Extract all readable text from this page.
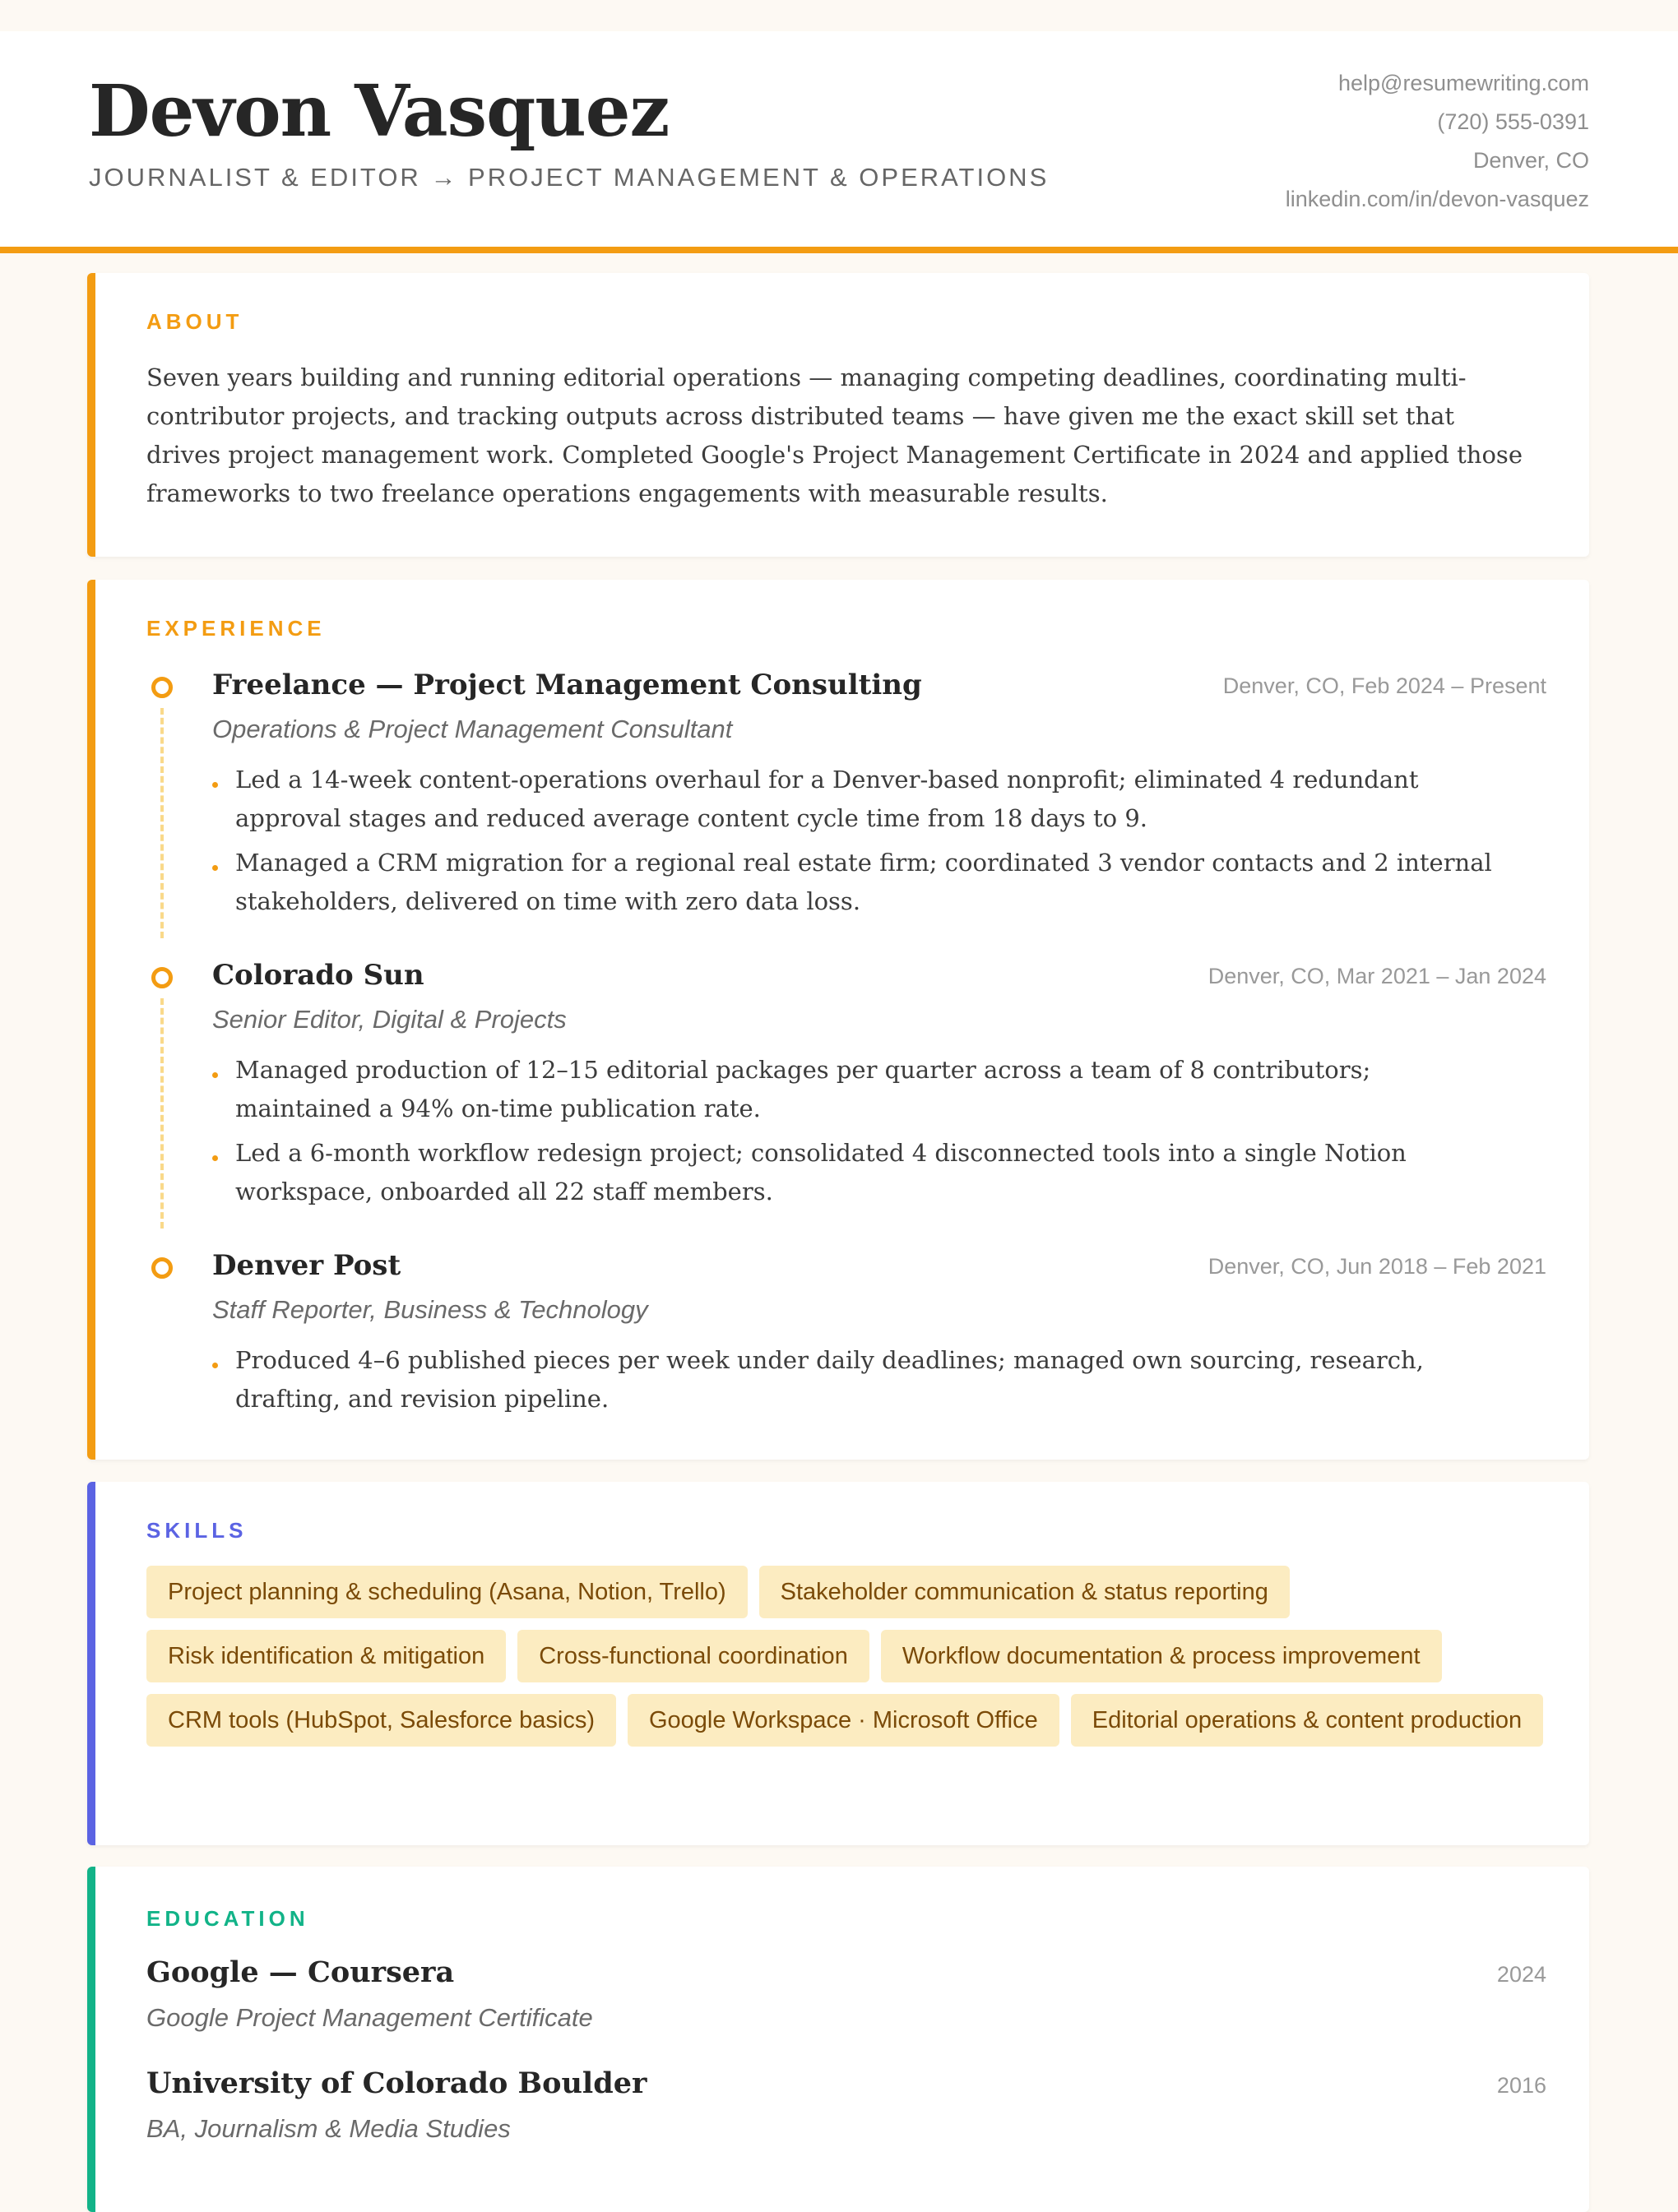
Devon Vasquez
JOURNALIST & EDITOR → PROJECT MANAGEMENT & OPERATIONS
help@resumewriting.com
(720) 555-0391
Denver, CO
linkedin.com/in/devon-vasquez
ABOUT

Seven years building and running editorial operations — managing competing deadlines, coordinating multi-contributor projects, and tracking outputs across distributed teams — have given me the exact skill set that drives project management work. Completed Google's Project Management Certificate in 2024 and applied those frameworks to two freelance operations engagements with measurable results.

EXPERIENCE
Freelance — Project Management Consulting	Denver, CO, Feb 2024 – Present
Operations & Project Management Consultant
Led a 14-week content-operations overhaul for a Denver-based nonprofit; eliminated 4 redundant approval stages and reduced average content cycle time from 18 days to 9.
Managed a CRM migration for a regional real estate firm; coordinated 3 vendor contacts and 2 internal stakeholders, delivered on time with zero data loss.
Colorado Sun	Denver, CO, Mar 2021 – Jan 2024
Senior Editor, Digital & Projects
Managed production of 12–15 editorial packages per quarter across a team of 8 contributors; maintained a 94% on-time publication rate.
Led a 6-month workflow redesign project; consolidated 4 disconnected tools into a single Notion workspace, onboarded all 22 staff members.
Denver Post	Denver, CO, Jun 2018 – Feb 2021
Staff Reporter, Business & Technology
Produced 4–6 published pieces per week under daily deadlines; managed own sourcing, research, drafting, and revision pipeline.
SKILLS
Project planning & scheduling (Asana, Notion, Trello)	Stakeholder communication & status reporting
Risk identification & mitigation	Cross-functional coordination	Workflow documentation & process improvement
CRM tools (HubSpot, Salesforce basics)	Google Workspace · Microsoft Office	Editorial operations & content production
EDUCATION
Google — Coursera	2024
Google Project Management Certificate
University of Colorado Boulder	2016
BA, Journalism & Media Studies
